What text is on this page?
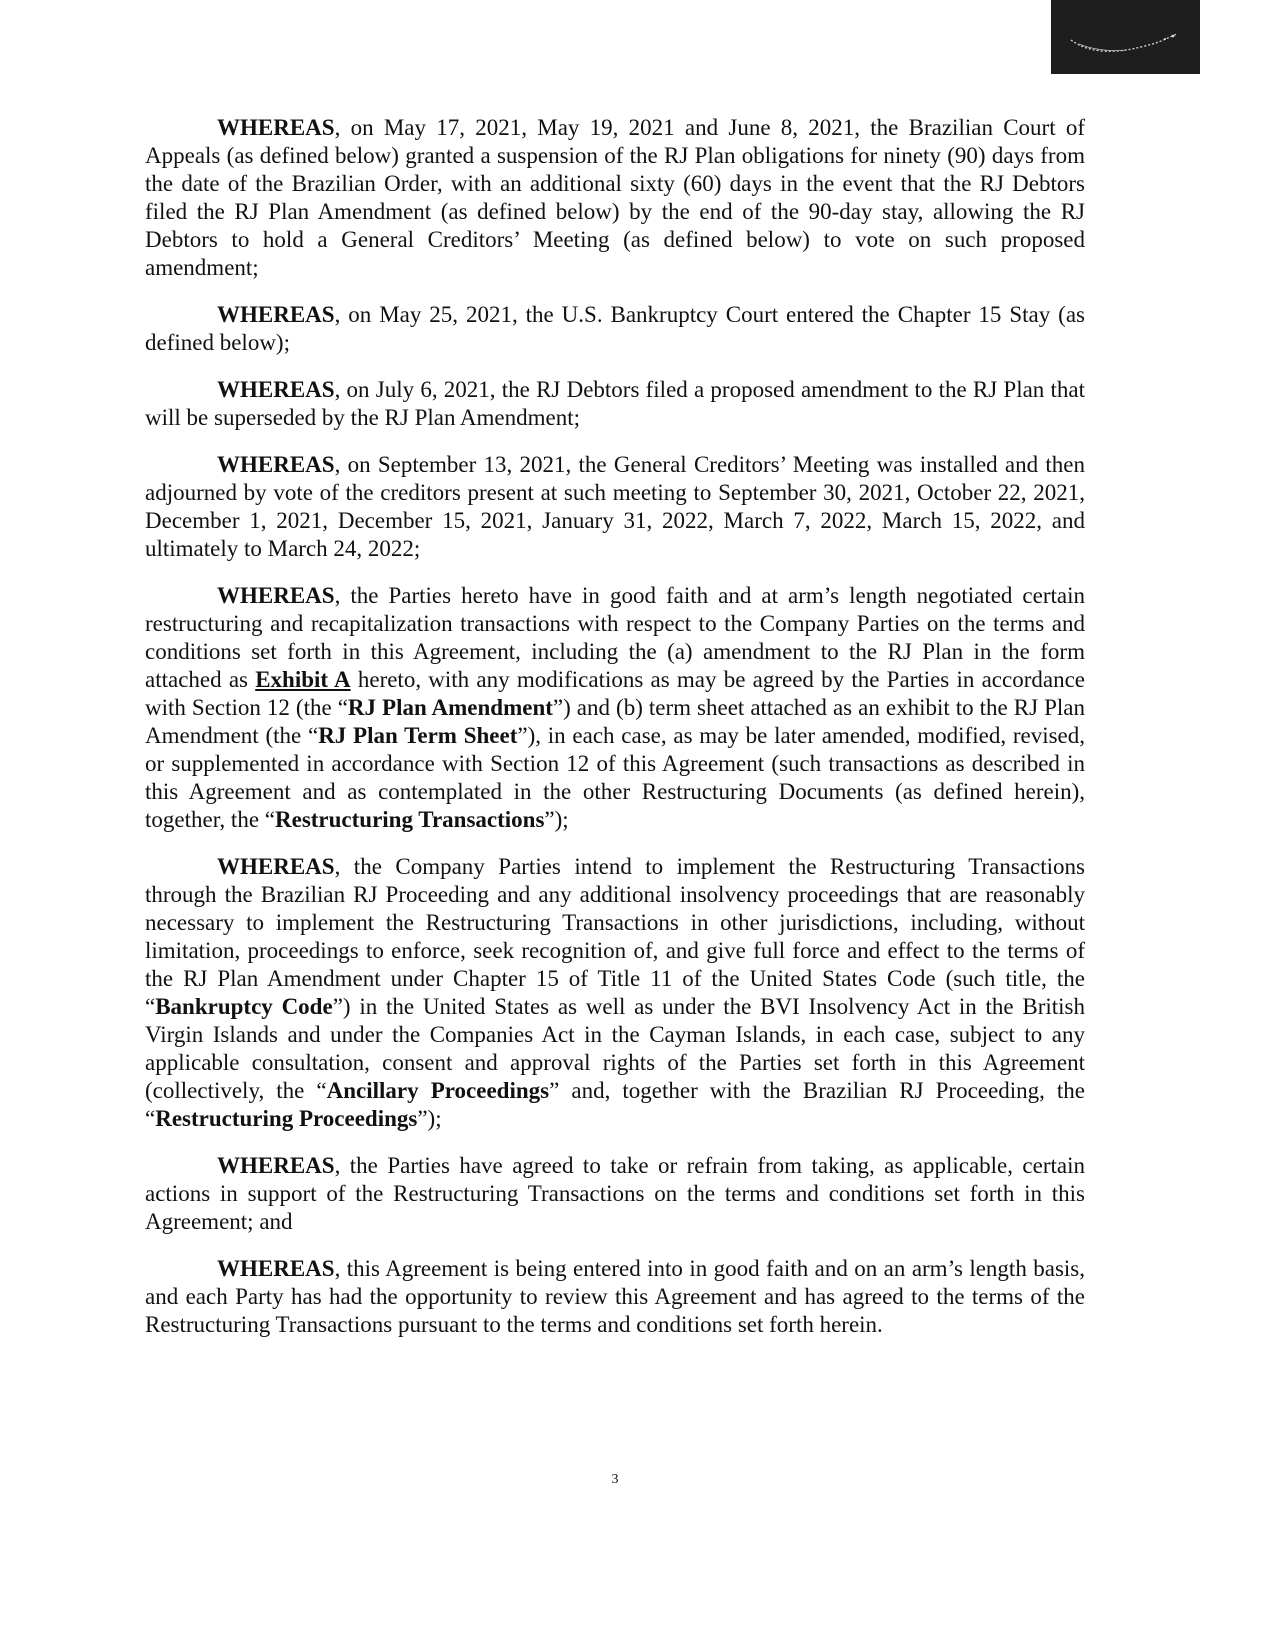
WHEREAS, on May 17, 2021, May 19, 2021 and June 8, 2021, the Brazilian Court of Appeals (as defined below) granted a suspension of the RJ Plan obligations for ninety (90) days from the date of the Brazilian Order, with an additional sixty (60) days in the event that the RJ Debtors filed the RJ Plan Amendment (as defined below) by the end of the 90-day stay, allowing the RJ Debtors to hold a General Creditors’ Meeting (as defined below) to vote on such proposed amendment;

WHEREAS, on May 25, 2021, the U.S. Bankruptcy Court entered the Chapter 15 Stay (as defined below);

WHEREAS, on July 6, 2021, the RJ Debtors filed a proposed amendment to the RJ Plan that will be superseded by the RJ Plan Amendment;

WHEREAS, on September 13, 2021, the General Creditors’ Meeting was installed and then adjourned by vote of the creditors present at such meeting to September 30, 2021, October 22, 2021, December 1, 2021, December 15, 2021, January 31, 2022, March 7, 2022, March 15, 2022, and ultimately to March 24, 2022;

WHEREAS, the Parties hereto have in good faith and at arm’s length negotiated certain restructuring and recapitalization transactions with respect to the Company Parties on the terms and conditions set forth in this Agreement, including the (a) amendment to the RJ Plan in the form attached as Exhibit A hereto, with any modifications as may be agreed by the Parties in accordance with Section 12 (the “RJ Plan Amendment”) and (b) term sheet attached as an exhibit to the RJ Plan Amendment (the “RJ Plan Term Sheet”), in each case, as may be later amended, modified, revised, or supplemented in accordance with Section 12 of this Agreement (such transactions as described in this Agreement and as contemplated in the other Restructuring Documents (as defined herein), together, the “Restructuring Transactions”);

WHEREAS, the Company Parties intend to implement the Restructuring Transactions through the Brazilian RJ Proceeding and any additional insolvency proceedings that are reasonably necessary to implement the Restructuring Transactions in other jurisdictions, including, without limitation, proceedings to enforce, seek recognition of, and give full force and effect to the terms of the RJ Plan Amendment under Chapter 15 of Title 11 of the United States Code (such title, the “Bankruptcy Code”) in the United States as well as under the BVI Insolvency Act in the British Virgin Islands and under the Companies Act in the Cayman Islands, in each case, subject to any applicable consultation, consent and approval rights of the Parties set forth in this Agreement (collectively, the “Ancillary Proceedings” and, together with the Brazilian RJ Proceeding, the “Restructuring Proceedings”);

WHEREAS, the Parties have agreed to take or refrain from taking, as applicable, certain actions in support of the Restructuring Transactions on the terms and conditions set forth in this Agreement; and

WHEREAS, this Agreement is being entered into in good faith and on an arm’s length basis, and each Party has had the opportunity to review this Agreement and has agreed to the terms of the Restructuring Transactions pursuant to the terms and conditions set forth herein.

3
